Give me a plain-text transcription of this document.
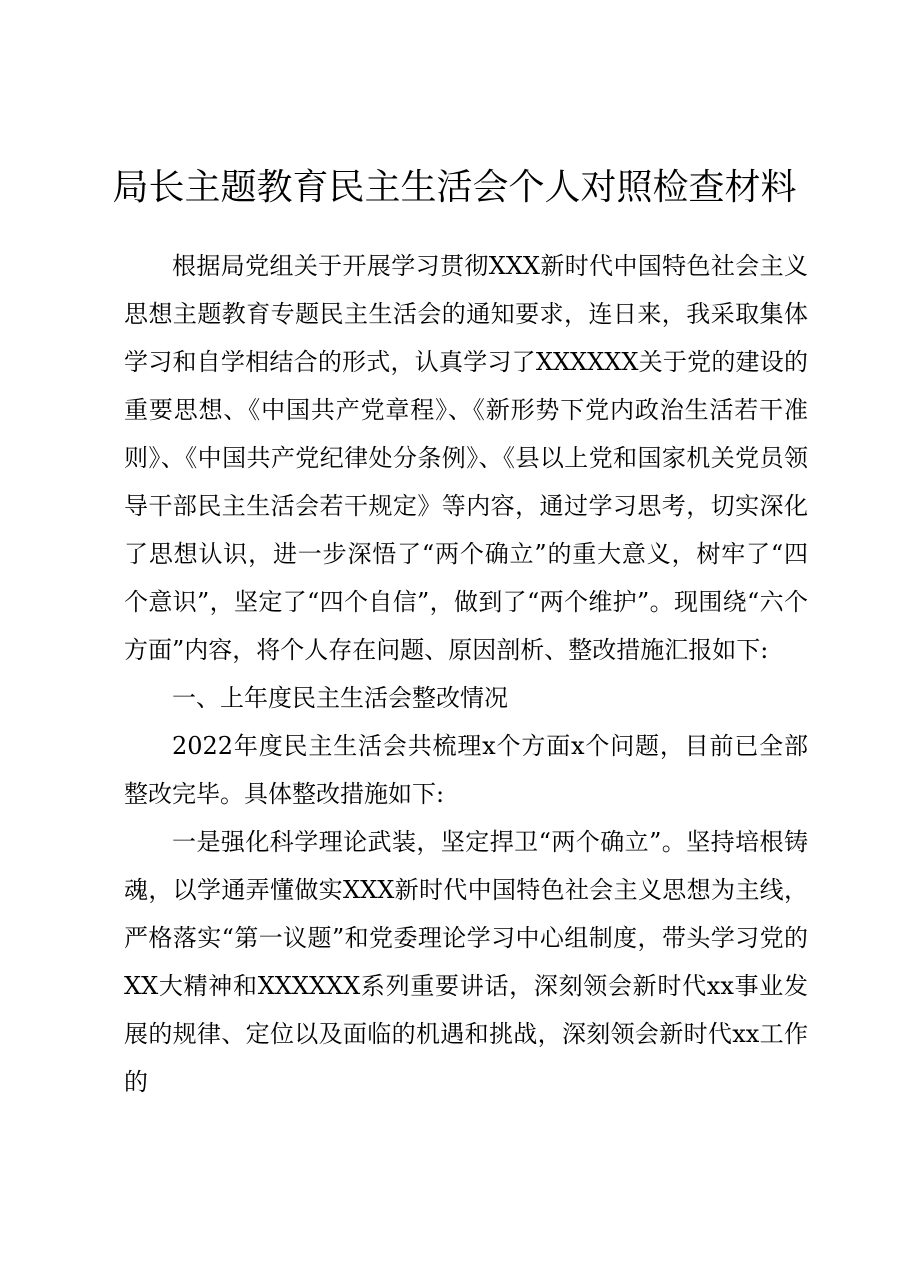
局长主题教育民主生活会个人对照检查材料

根据局党组关于开展学习贯彻XXX新时代中国特色社会主义思想主题教育专题民主生活会的通知要求，连日来，我采取集体学习和自学相结合的形式，认真学习了XXXXXX关于党的建设的重要思想、《中国共产党章程》、《新形势下党内政治生活若干准则》、《中国共产党纪律处分条例》、《县以上党和国家机关党员领导干部民主生活会若干规定》等内容，通过学习思考，切实深化了思想认识，进一步深悟了“两个确立”的重大意义，树牢了“四个意识”，坚定了“四个自信”，做到了“两个维护”。现围绕“六个方面”内容，将个人存在问题、原因剖析、整改措施汇报如下:

一、上年度民主生活会整改情况

2022年度民主生活会共梳理x个方面x个问题，目前已全部整改完毕。具体整改措施如下:

一是强化科学理论武装，坚定捍卫“两个确立”。坚持培根铸魂，以学通弄懂做实XXX新时代中国特色社会主义思想为主线，严格落实“第一议题”和党委理论学习中心组制度，带头学习党的XX大精神和XXXXXX系列重要讲话，深刻领会新时代xx事业发展的规律、定位以及面临的机遇和挑战，深刻领会新时代xx工作的
